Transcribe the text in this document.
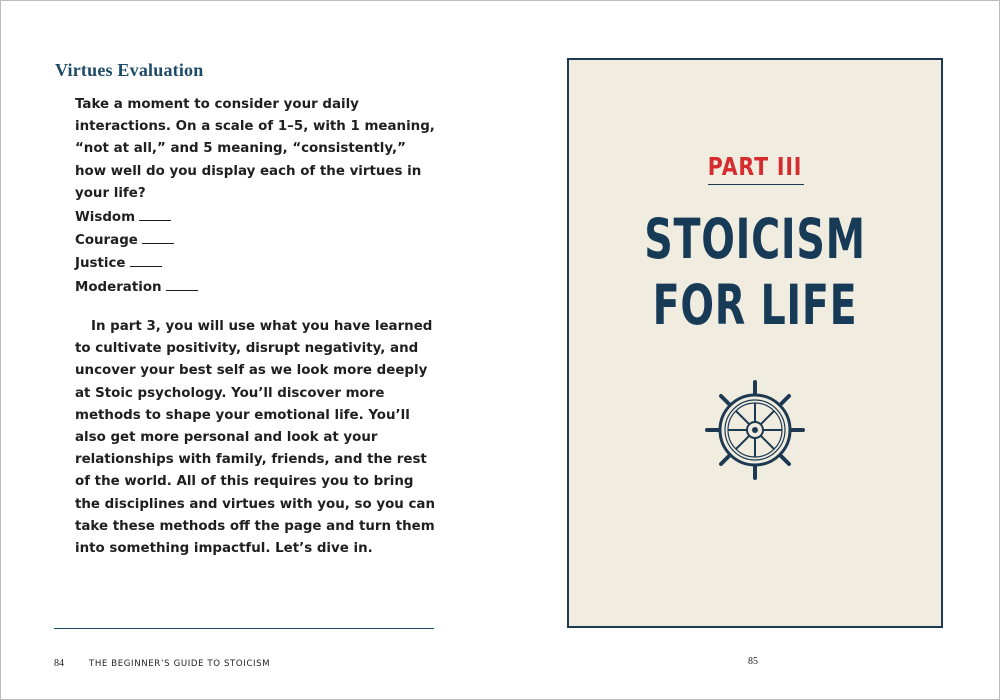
Virtues Evaluation
Take a moment to consider your daily interactions. On a scale of 1–5, with 1 meaning, “not at all,” and 5 meaning, “consistently,” how well do you display each of the virtues in your life?
Wisdom
Courage
Justice
Moderation
In part 3, you will use what you have learned to cultivate positivity, disrupt negativity, and uncover your best self as we look more deeply at Stoic psychology. You’ll discover more methods to shape your emotional life. You’ll also get more personal and look at your relationships with family, friends, and the rest of the world. All of this requires you to bring the disciplines and virtues with you, so you can take these methods off the page and turn them into something impactful. Let’s dive in.
84	THE BEGINNER’S GUIDE TO STOICISM	85
PART III
STOICISM
FOR LIFE
